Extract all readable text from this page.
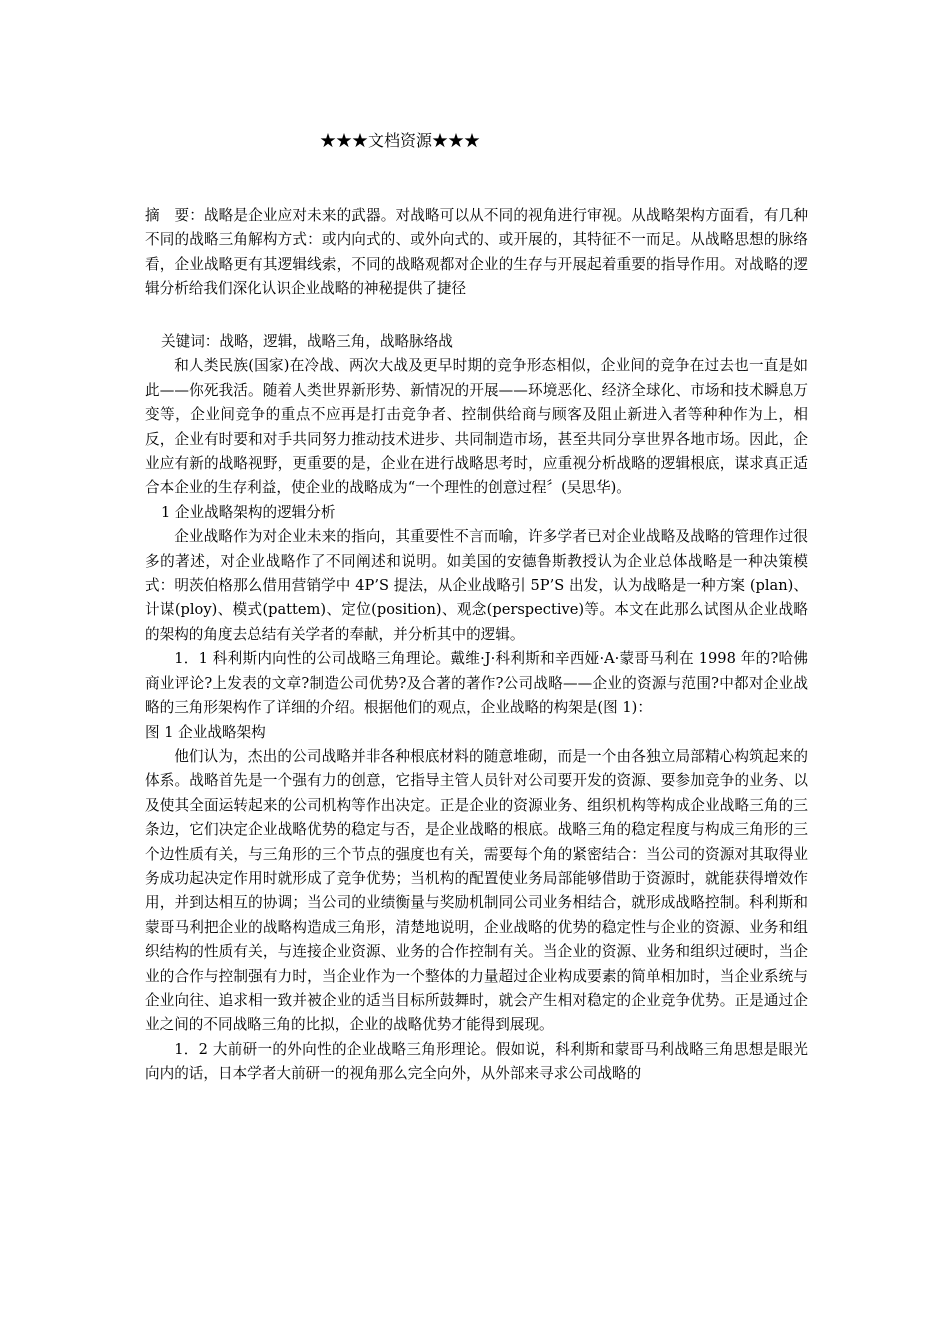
★★★文档资源★★★

摘　要：战略是企业应对未来的武器。对战略可以从不同的视角进行审视。从战略架构方面看，有几种不同的战略三角解构方式：或内向式的、或外向式的、或开展的，其特征不一而足。从战略思想的脉络看，企业战略更有其逻辑线索，不同的战略观都对企业的生存与开展起着重要的指导作用。对战略的逻辑分析给我们深化认识企业战略的神秘提供了捷径

关键词：战略，逻辑，战略三角，战略脉络战

和人类民族(国家)在冷战、两次大战及更早时期的竞争形态相似，企业间的竞争在过去也一直是如此——你死我活。随着人类世界新形势、新情况的开展——环境恶化、经济全球化、市场和技术瞬息万变等，企业间竞争的重点不应再是打击竞争者、控制供给商与顾客及阻止新进入者等种种作为上，相反，企业有时要和对手共同努力推动技术进步、共同制造市场，甚至共同分享世界各地市场。因此，企业应有新的战略视野，更重要的是，企业在进行战略思考时，应重视分析战略的逻辑根底，谋求真正适合本企业的生存利益，使企业的战略成为“一个理性的创意过程〞(吴思华)。

1 企业战略架构的逻辑分析

企业战略作为对企业未来的指向，其重要性不言而喻，许多学者已对企业战略及战略的管理作过很多的著述，对企业战略作了不同阐述和说明。如美国的安德鲁斯教授认为企业总体战略是一种决策模式：明茨伯格那么借用营销学中 4P’S 提法，从企业战略引 5P’S 出发，认为战略是一种方案 (plan)、计谋(ploy)、模式(pattem)、定位(position)、观念(perspective)等。本文在此那么试图从企业战略的架构的角度去总结有关学者的奉献，并分析其中的逻辑。

1．1 科利斯内向性的公司战略三角理论。戴维·J·科利斯和辛西娅·A·蒙哥马利在 1998 年的?哈佛商业评论?上发表的文章?制造公司优势?及合著的著作?公司战略——企业的资源与范围?中都对企业战略的三角形架构作了详细的介绍。根据他们的观点，企业战略的构架是(图 1)：

图 1 企业战略架构

他们认为，杰出的公司战略并非各种根底材料的随意堆砌，而是一个由各独立局部精心构筑起来的体系。战略首先是一个强有力的创意，它指导主管人员针对公司要开发的资源、要参加竞争的业务、以及使其全面运转起来的公司机构等作出决定。正是企业的资源业务、组织机构等构成企业战略三角的三条边，它们决定企业战略优势的稳定与否，是企业战略的根底。战略三角的稳定程度与构成三角形的三个边性质有关，与三角形的三个节点的强度也有关，需要每个角的紧密结合：当公司的资源对其取得业务成功起决定作用时就形成了竞争优势；当机构的配置使业务局部能够借助于资源时，就能获得增效作用，并到达相互的协调；当公司的业绩衡量与奖励机制同公司业务相结合，就形成战略控制。科利斯和蒙哥马利把企业的战略构造成三角形，清楚地说明，企业战略的优势的稳定性与企业的资源、业务和组织结构的性质有关，与连接企业资源、业务的合作控制有关。当企业的资源、业务和组织过硬时，当企业的合作与控制强有力时，当企业作为一个整体的力量超过企业构成要素的简单相加时，当企业系统与企业向往、追求相一致并被企业的适当目标所鼓舞时，就会产生相对稳定的企业竞争优势。正是通过企业之间的不同战略三角的比拟，企业的战略优势才能得到展现。

1．2 大前研一的外向性的企业战略三角形理论。假如说，科利斯和蒙哥马利战略三角思想是眼光向内的话，日本学者大前研一的视角那么完全向外，从外部来寻求公司战略的
